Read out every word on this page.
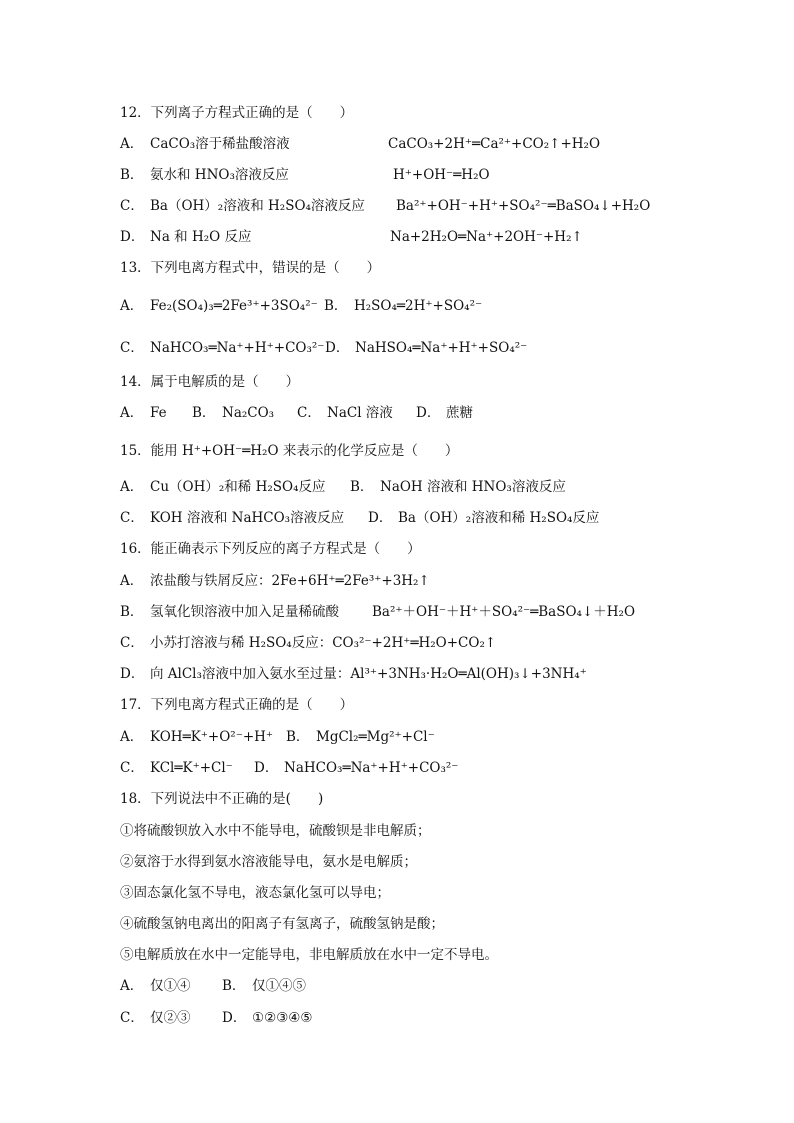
12．下列离子方程式正确的是（　　）
A． CaCO₃溶于稀盐酸溶液	CaCO₃+2H⁺═Ca²⁺+CO₂↑+H₂O
B． 氨水和 HNO₃溶液反应	H⁺+OH⁻═H₂O
C． Ba（OH）₂溶液和 H₂SO₄溶液反应 Ba²⁺+OH⁻+H⁺+SO₄²⁻═BaSO₄↓+H₂O
D． Na 和 H₂O 反应	Na+2H₂O═Na⁺+2OH⁻+H₂↑
13．下列电离方程式中，错误的是（　　）
A． Fe₂(SO₄)₃═2Fe³⁺+3SO₄²⁻ B． H₂SO₄═2H⁺+SO₄²⁻
C． NaHCO₃═Na⁺+H⁺+CO₃²⁻ D． NaHSO₄═Na⁺+H⁺+SO₄²⁻
14．属于电解质的是（　　）
A． Fe B． Na₂CO₃ C． NaCl 溶液 D． 蔗糖
15．能用 H⁺+OH⁻═H₂O 来表示的化学反应是（　　）
A． Cu（OH）₂和稀 H₂SO₄反应 B． NaOH 溶液和 HNO₃溶液反应
C． KOH 溶液和 NaHCO₃溶液反应 D． Ba（OH）₂溶液和稀 H₂SO₄反应
16．能正确表示下列反应的离子方程式是（　　）
A． 浓盐酸与铁屑反应：2Fe+6H⁺═2Fe³⁺+3H₂↑
B． 氢氧化钡溶液中加入足量稀硫酸 Ba²⁺＋OH⁻＋H⁺＋SO₄²⁻═BaSO₄↓＋H₂O
C． 小苏打溶液与稀 H₂SO₄反应：CO₃²⁻+2H⁺═H₂O+CO₂↑
D． 向 AlCl₃溶液中加入氨水至过量：Al³⁺+3NH₃·H₂O═Al(OH)₃↓+3NH₄⁺
17．下列电离方程式正确的是（　　）
A． KOH═K⁺+O²⁻+H⁺ B． MgCl₂═Mg²⁺+Cl⁻
C． KCl═K⁺+Cl⁻ D． NaHCO₃═Na⁺+H⁺+CO₃²⁻
18．下列说法中不正确的是(　　)
①将硫酸钡放入水中不能导电，硫酸钡是非电解质；
②氨溶于水得到氨水溶液能导电，氨水是电解质；
③固态氯化氢不导电，液态氯化氢可以导电；
④硫酸氢钠电离出的阳离子有氢离子，硫酸氢钠是酸；
⑤电解质放在水中一定能导电，非电解质放在水中一定不导电。
A． 仅①④ B． 仅①④⑤
C． 仅②③ D． ①②③④⑤
